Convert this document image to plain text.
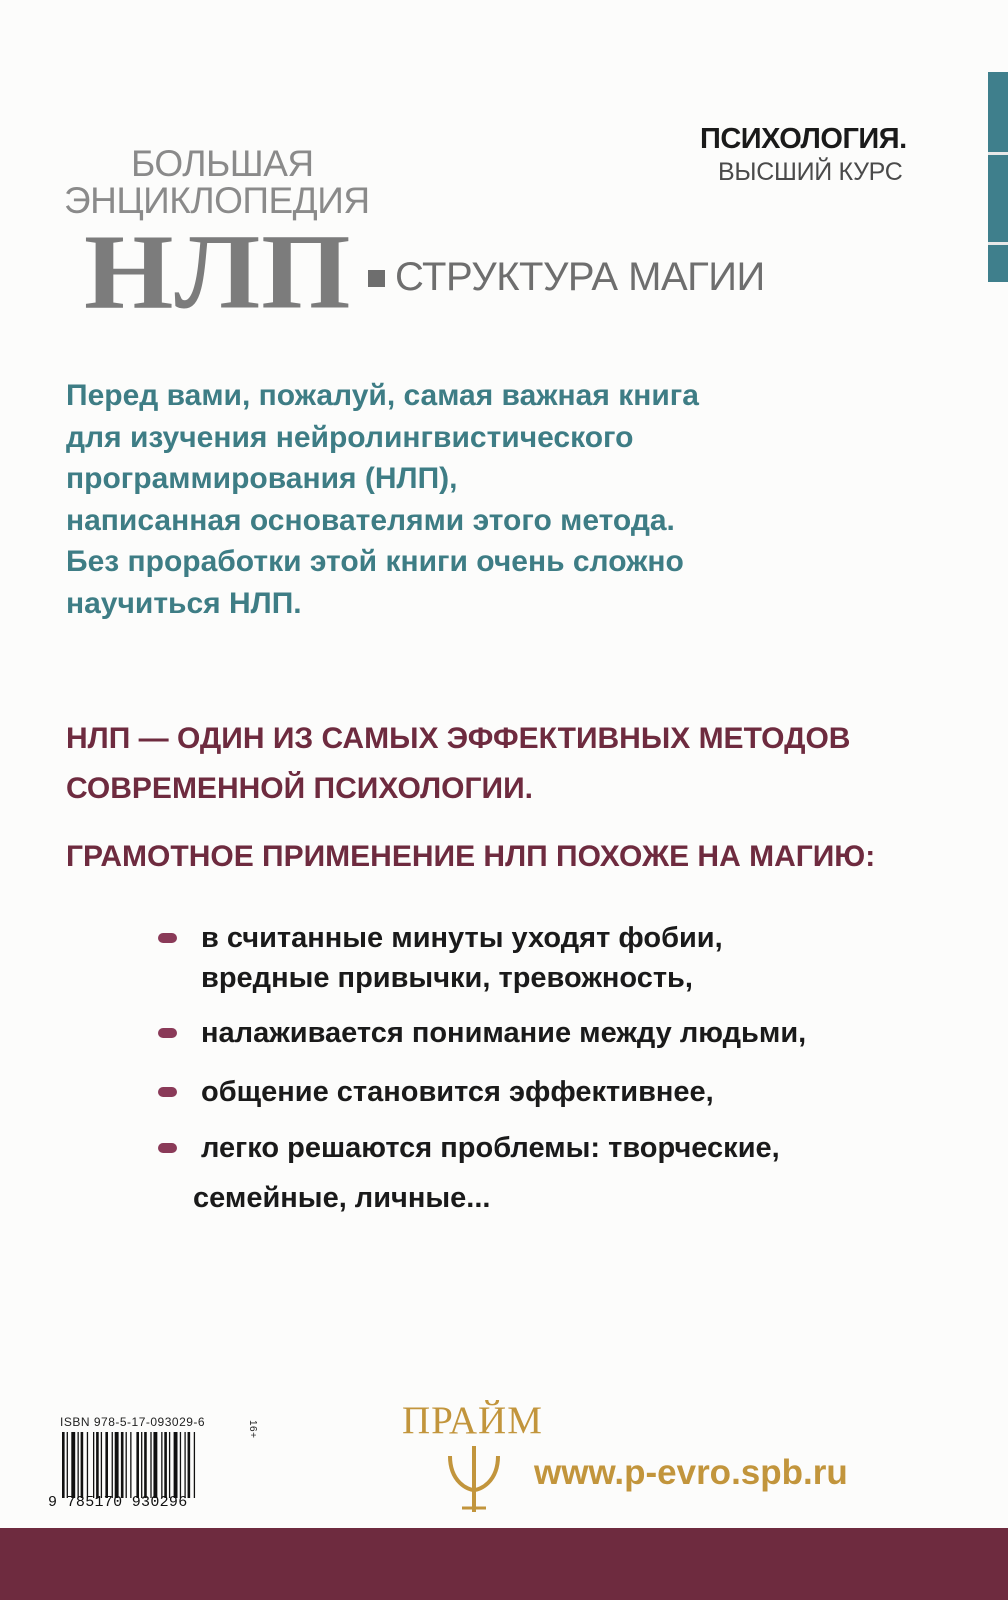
ПСИХОЛОГИЯ.
ВЫСШИЙ КУРС
БОЛЬШАЯ
ЭНЦИКЛОПЕДИЯ
НЛП СТРУКТУРА МАГИИ
Перед вами, пожалуй, самая важная книга
для изучения нейролингвистического
программирования (НЛП),
написанная основателями этого метода.
Без проработки этой книги очень сложно
научиться НЛП.
НЛП — ОДИН ИЗ САМЫХ ЭФФЕКТИВНЫХ МЕТОДОВ
СОВРЕМЕННОЙ ПСИХОЛОГИИ.
ГРАМОТНОЕ ПРИМЕНЕНИЕ НЛП ПОХОЖЕ НА МАГИЮ:
в считанные минуты уходят фобии,
вредные привычки, тревожность,
налаживается понимание между людьми,
общение становится эффективнее,
легко решаются проблемы: творческие,
семейные, личные...
ISBN 978-5-17-093029-6
9 785170 930296
16+	ПРАЙМ
www.p-evro.spb.ru
